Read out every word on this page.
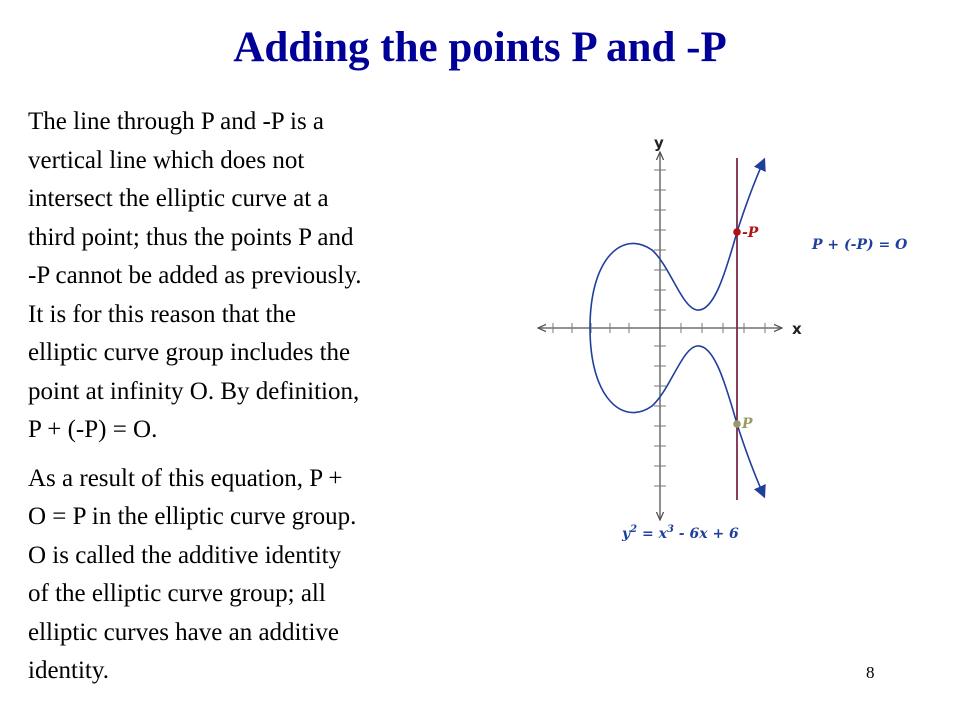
Adding the points P and -P

The line through P and -P is a
vertical line which does not
intersect the elliptic curve at a
third point; thus the points P and
-P cannot be added as previously.
It is for this reason that the
elliptic curve group includes the
point at infinity O. By definition,
P + (-P) = O.

As a result of this equation, P +
O = P in the elliptic curve group.
O is called the additive identity
of the elliptic curve group; all
elliptic curves have an additive
identity.

x
y
-P
P
P + (-P) = O
$y^2 = x^3 - 6x + 6$
8
